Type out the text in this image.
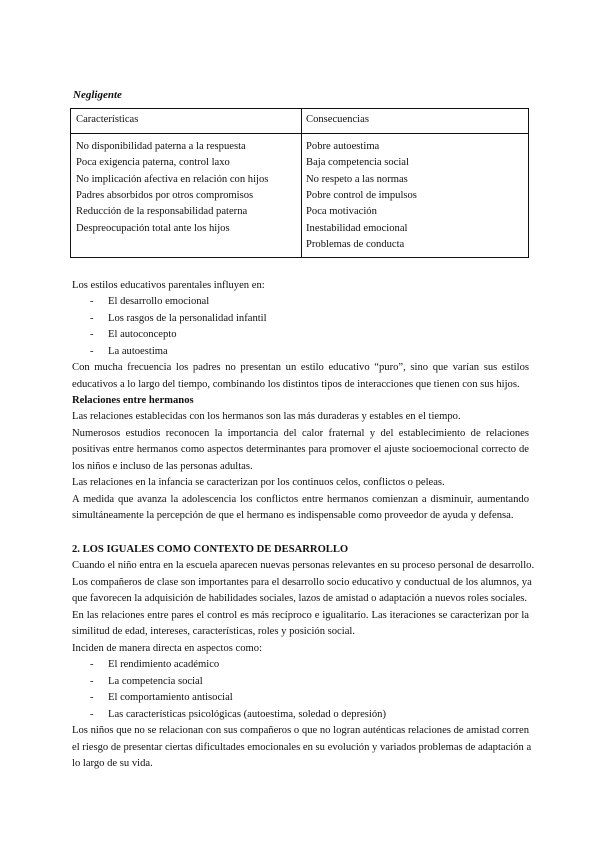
Negligente
Características	Consecuencias
No disponibilidad paterna a la respuesta
Poca exigencia paterna, control laxo
No implicación afectiva en relación con hijos
Padres absorbidos por otros compromisos
Reducción de la responsabilidad paterna
Despreocupación total ante los hijos
Pobre autoestima
Baja competencia social
No respeto a las normas
Pobre control de impulsos
Poca motivación
Inestabilidad emocional
Problemas de conducta
Los estilos educativos parentales influyen en:
- El desarrollo emocional
- Los rasgos de la personalidad infantil
- El autoconcepto
- La autoestima
Con mucha frecuencia los padres no presentan un estilo educativo “puro”, sino que varían sus estilos
educativos a lo largo del tiempo, combinando los distintos tipos de interacciones que tienen con sus hijos.
Relaciones entre hermanos
Las relaciones establecidas con los hermanos son las más duraderas y estables en el tiempo.
Numerosos estudios reconocen la importancia del calor fraternal y del establecimiento de relaciones
positivas entre hermanos como aspectos determinantes para promover el ajuste socioemocional correcto de
los niños e incluso de las personas adultas.
Las relaciones en la infancia se caracterizan por los continuos celos, conflictos o peleas.
A medida que avanza la adolescencia los conflictos entre hermanos comienzan a disminuir, aumentando
simultáneamente la percepción de que el hermano es indispensable como proveedor de ayuda y defensa.
2. LOS IGUALES COMO CONTEXTO DE DESARROLLO
Cuando el niño entra en la escuela aparecen nuevas personas relevantes en su proceso personal de desarrollo.
Los compañeros de clase son importantes para el desarrollo socio educativo y conductual de los alumnos, ya
que favorecen la adquisición de habilidades sociales, lazos de amistad o adaptación a nuevos roles sociales.
En las relaciones entre pares el control es más recíproco e igualitario. Las iteraciones se caracterizan por la
similitud de edad, intereses, características, roles y posición social.
Inciden de manera directa en aspectos como:
- El rendimiento académico
- La competencia social
- El comportamiento antisocial
- Las características psicológicas (autoestima, soledad o depresión)
Los niños que no se relacionan con sus compañeros o que no logran auténticas relaciones de amistad corren
el riesgo de presentar ciertas dificultades emocionales en su evolución y variados problemas de adaptación a
lo largo de su vida.
